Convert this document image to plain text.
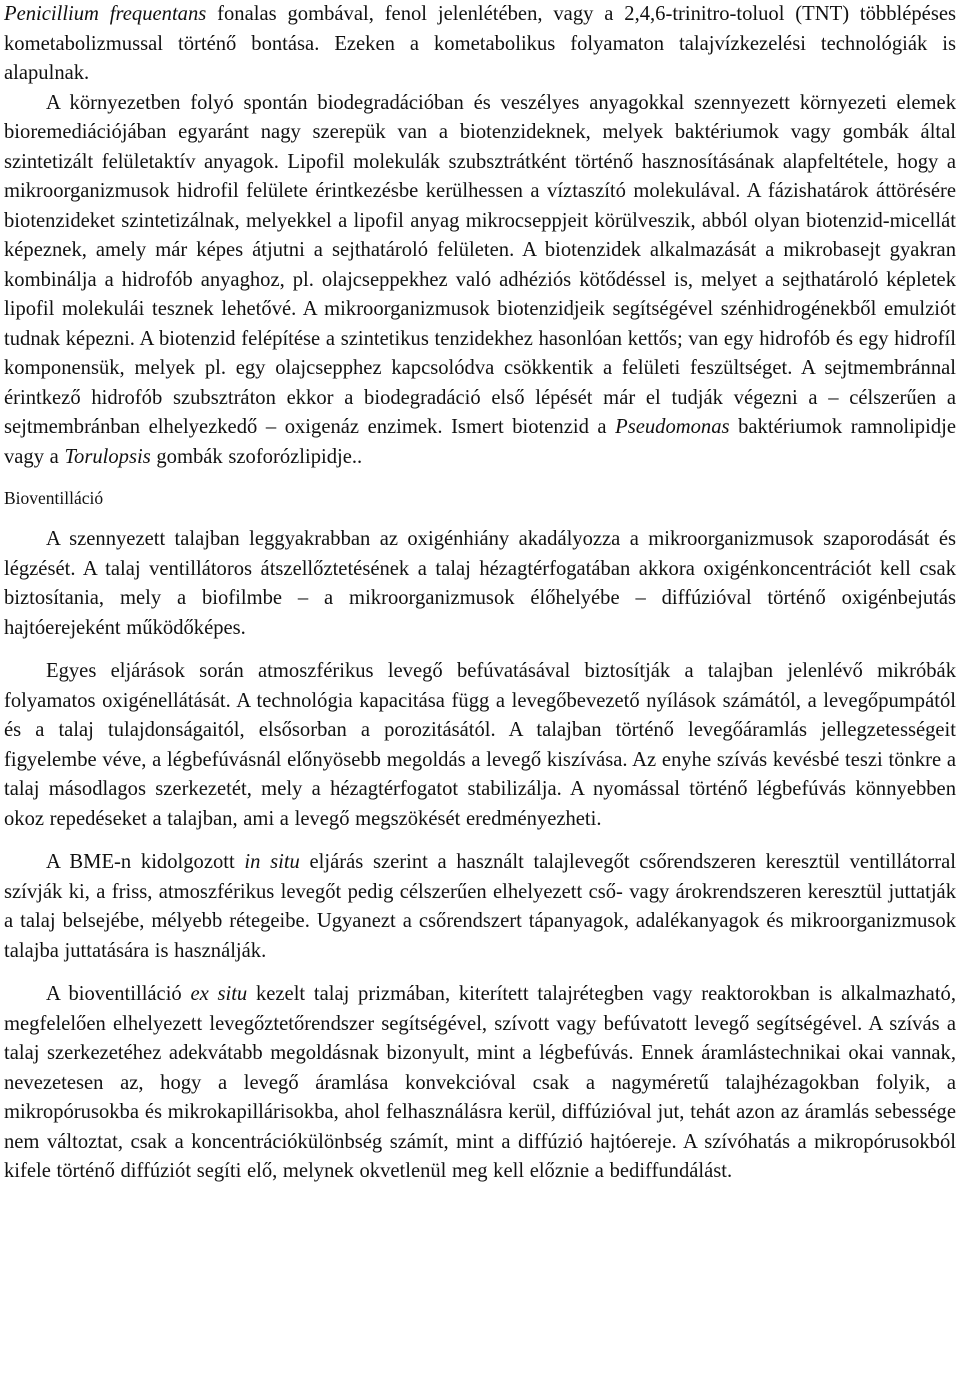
Penicillium frequentans fonalas gombával, fenol jelenlétében, vagy a 2,4,6-trinitro-toluol (TNT) többlépéses kometabolizmussal történő bontása. Ezeken a kometabolikus folyamaton talajvízkezelési technológiák is alapulnak.

A környezetben folyó spontán biodegradációban és veszélyes anyagokkal szennyezett környezeti elemek bioremediációjában egyaránt nagy szerepük van a biotenzideknek, melyek baktériumok vagy gombák által szintetizált felületaktív anyagok. Lipofil molekulák szubsztrátként történő hasznosításának alapfeltétele, hogy a mikroorganizmusok hidrofil felülete érintkezésbe kerülhessen a víztaszító molekulával. A fázishatárok áttörésére biotenzideket szintetizálnak, melyekkel a lipofil anyag mikrocseppjeit körülveszik, abból olyan biotenzid-micellát képeznek, amely már képes átjutni a sejthatároló felületen. A biotenzidek alkalmazását a mikrobasejt gyakran kombinálja a hidrofób anyaghoz, pl. olajcseppekhez való adhéziós kötődéssel is, melyet a sejthatároló képletek lipofil molekulái tesznek lehetővé. A mikroorganizmusok biotenzidjeik segítségével szénhidrogénekből emulziót tudnak képezni. A biotenzid felépítése a szintetikus tenzidekhez hasonlóan kettős; van egy hidrofób és egy hidrofíl komponensük, melyek pl. egy olajcsepphez kapcsolódva csökkentik a felületi feszültséget. A sejtmembránnal érintkező hidrofób szubsztráton ekkor a biodegradáció első lépését már el tudják végezni a – célszerűen a sejtmembránban elhelyezkedő – oxigenáz enzimek. Ismert biotenzid a Pseudomonas baktériumok ramnolipidje vagy a Torulopsis gombák szoforózlipidje..

Bioventilláció

A szennyezett talajban leggyakrabban az oxigénhiány akadályozza a mikroorganizmusok szaporodását és légzését. A talaj ventillátoros átszellőztetésének a talaj hézagtérfogatában akkora oxigénkoncentrációt kell csak biztosítania, mely a biofilmbe – a mikroorganizmusok élőhelyébe – diffúzióval történő oxigénbejutás hajtóerejeként működőképes.

Egyes eljárások során atmoszférikus levegő befúvatásával biztosítják a talajban jelenlévő mikróbák folyamatos oxigénellátását. A technológia kapacitása függ a levegőbevezető nyílások számától, a levegőpumpától és a talaj tulajdonságaitól, elsősorban a porozitásától. A talajban történő levegőáramlás jellegzetességeit figyelembe véve, a légbefúvásnál előnyösebb megoldás a levegő kiszívása. Az enyhe szívás kevésbé teszi tönkre a talaj másodlagos szerkezetét, mely a hézagtérfogatot stabilizálja. A nyomással történő légbefúvás könnyebben okoz repedéseket a talajban, ami a levegő megszökését eredményezheti.

A BME-n kidolgozott in situ eljárás szerint a használt talajlevegőt csőrendszeren keresztül ventillátorral szívják ki, a friss, atmoszférikus levegőt pedig célszerűen elhelyezett cső- vagy árokrendszeren keresztül juttatják a talaj belsejébe, mélyebb rétegeibe. Ugyanezt a csőrendszert tápanyagok, adalékanyagok és mikroorganizmusok talajba juttatására is használják.

A bioventilláció ex situ kezelt talaj prizmában, kiterített talajrétegben vagy reaktorokban is alkalmazható, megfelelően elhelyezett levegőztetőrendszer segítségével, szívott vagy befúvatott levegő segítségével. A szívás a talaj szerkezetéhez adekvátabb megoldásnak bizonyult, mint a légbefúvás. Ennek áramlástechnikai okai vannak, nevezetesen az, hogy a levegő áramlása konvekcióval csak a nagyméretű talajhézagokban folyik, a mikropórusokba és mikrokapillárisokba, ahol felhasználásra kerül, diffúzióval jut, tehát azon az áramlás sebessége nem változtat, csak a koncentrációkülönbség számít, mint a diffúzió hajtóereje. A szívóhatás a mikropórusokból kifele történő diffúziót segíti elő, melynek okvetlenül meg kell előznie a bediffundálást.
